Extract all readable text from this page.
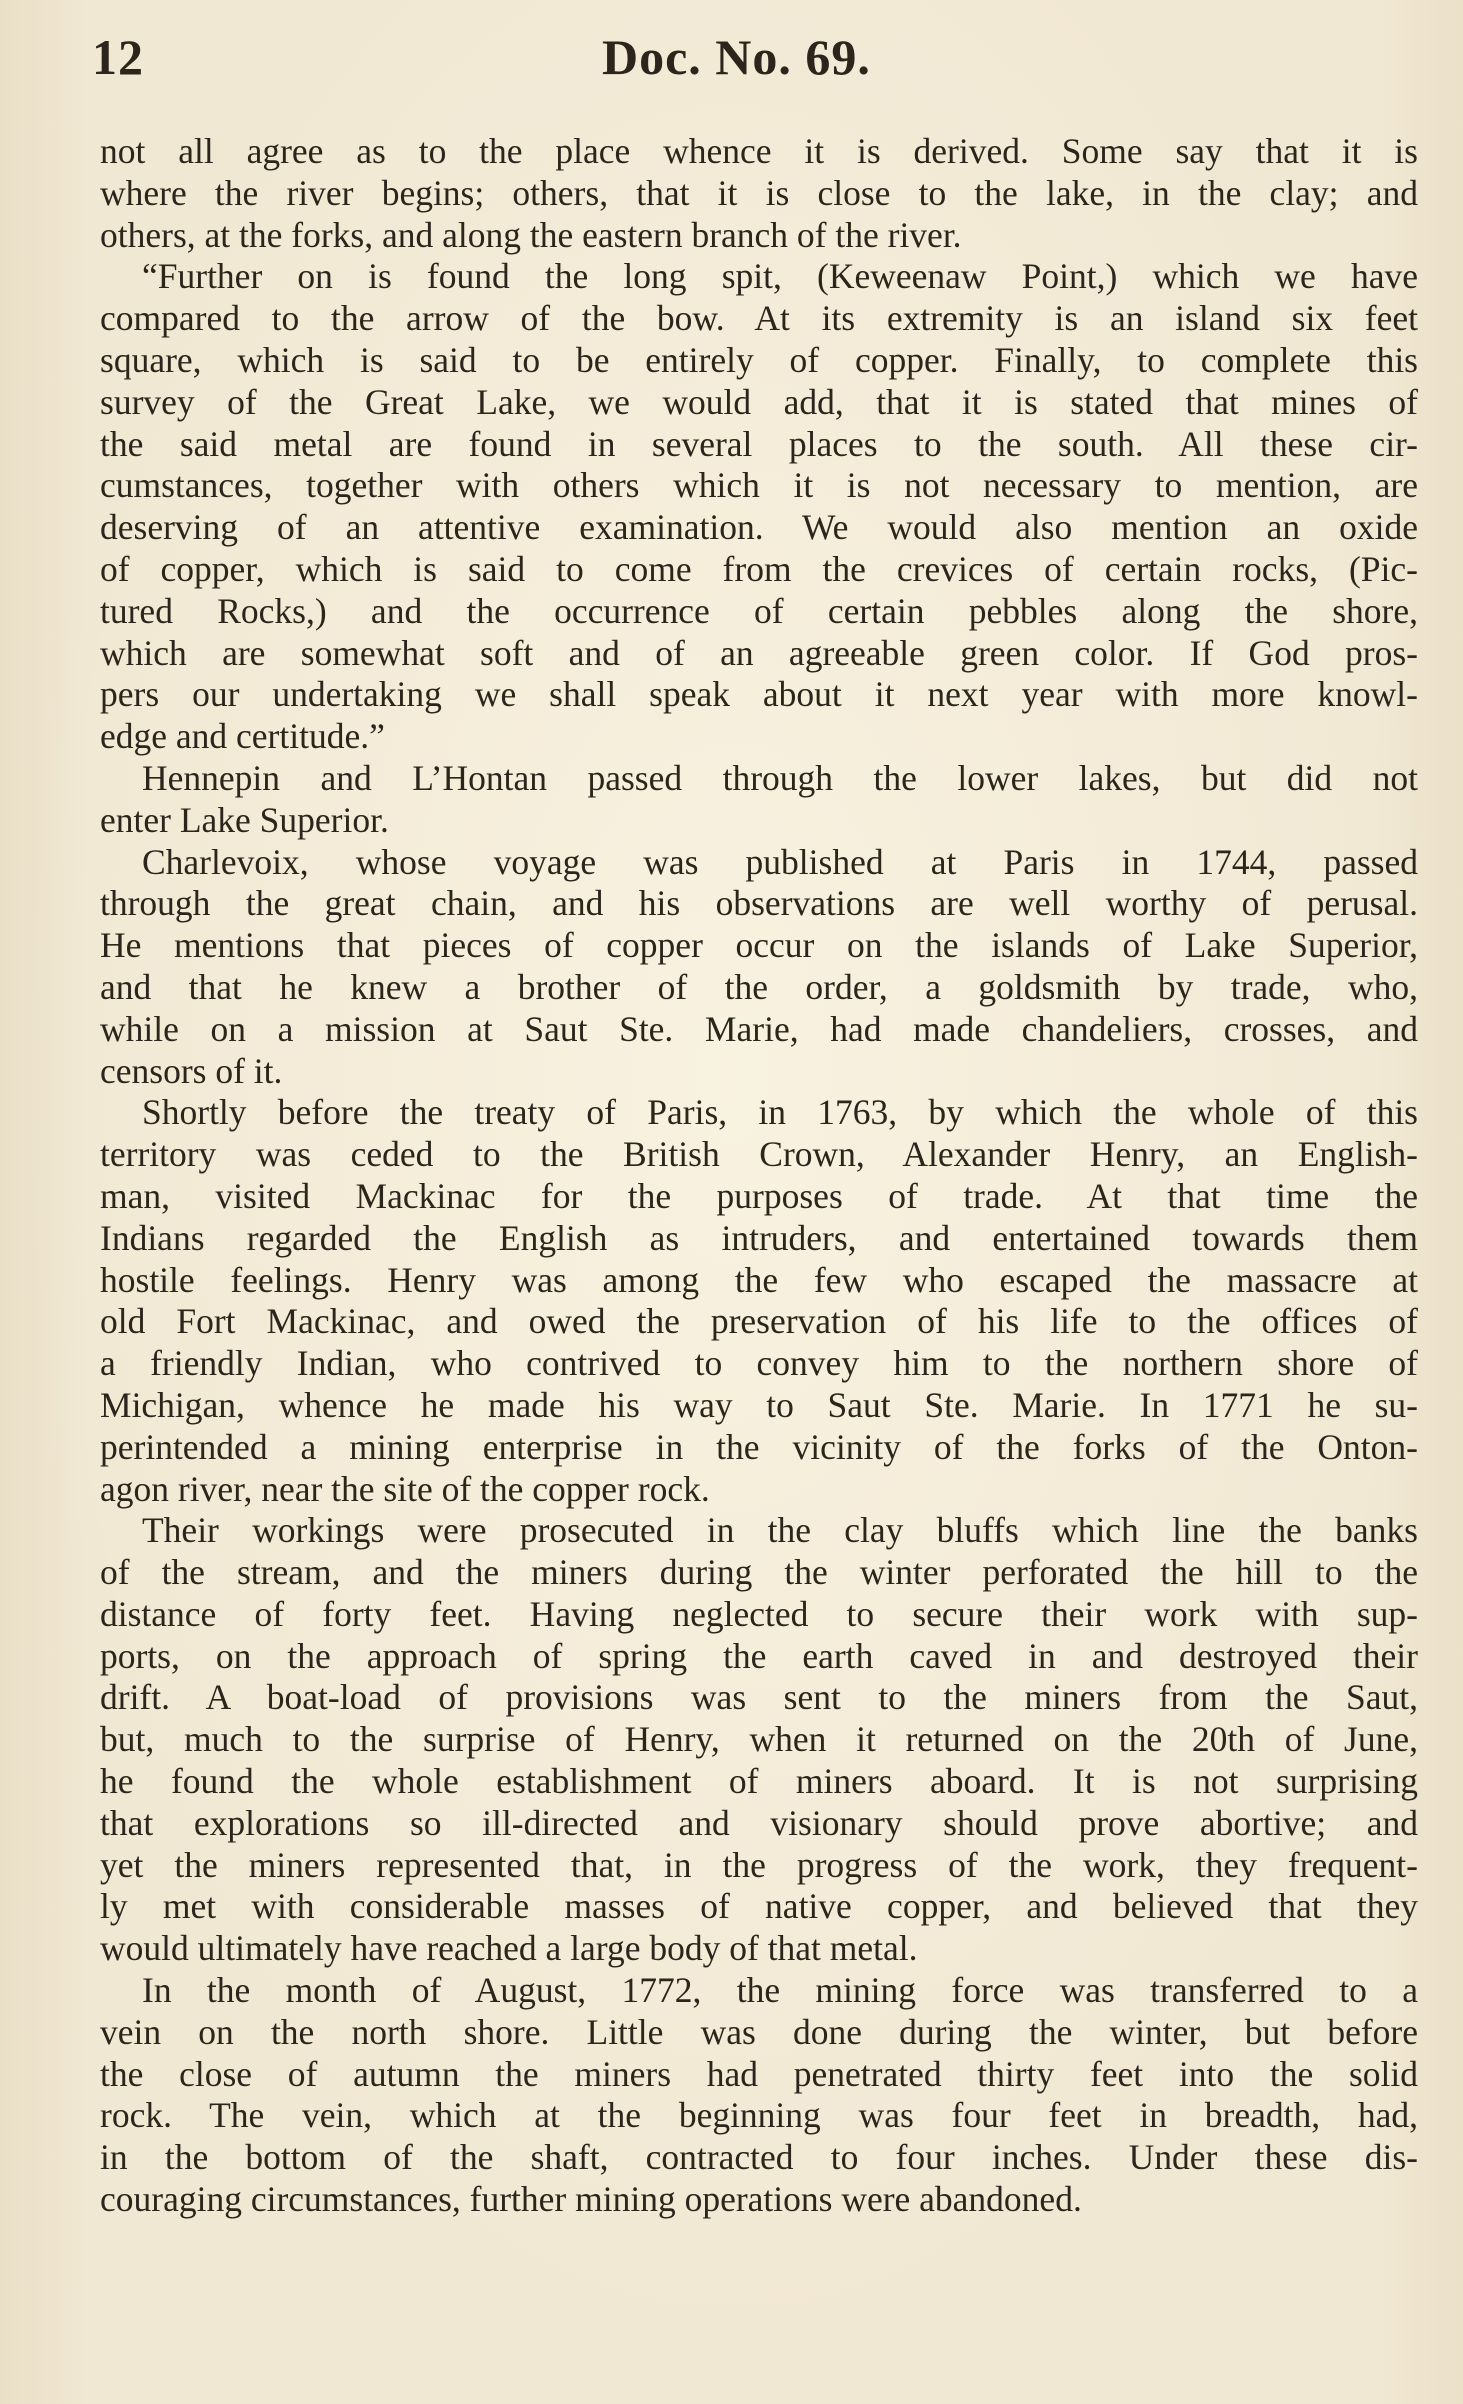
12	Doc. No. 69.
not all agree as to the place whence it is derived. Some say that it is
where the river begins; others, that it is close to the lake, in the clay; and
others, at the forks, and along the eastern branch of the river.
“Further on is found the long spit, (Keweenaw Point,) which we have
compared to the arrow of the bow. At its extremity is an island six feet
square, which is said to be entirely of copper. Finally, to complete this
survey of the Great Lake, we would add, that it is stated that mines of
the said metal are found in several places to the south. All these cir-
cumstances, together with others which it is not necessary to mention, are
deserving of an attentive examination. We would also mention an oxide
of copper, which is said to come from the crevices of certain rocks, (Pic-
tured Rocks,) and the occurrence of certain pebbles along the shore,
which are somewhat soft and of an agreeable green color. If God pros-
pers our undertaking we shall speak about it next year with more knowl-
edge and certitude.”
Hennepin and L’Hontan passed through the lower lakes, but did not
enter Lake Superior.
Charlevoix, whose voyage was published at Paris in 1744, passed
through the great chain, and his observations are well worthy of perusal.
He mentions that pieces of copper occur on the islands of Lake Superior,
and that he knew a brother of the order, a goldsmith by trade, who,
while on a mission at Saut Ste. Marie, had made chandeliers, crosses, and
censors of it.
Shortly before the treaty of Paris, in 1763, by which the whole of this
territory was ceded to the British Crown, Alexander Henry, an English-
man, visited Mackinac for the purposes of trade. At that time the
Indians regarded the English as intruders, and entertained towards them
hostile feelings. Henry was among the few who escaped the massacre at
old Fort Mackinac, and owed the preservation of his life to the offices of
a friendly Indian, who contrived to convey him to the northern shore of
Michigan, whence he made his way to Saut Ste. Marie. In 1771 he su-
perintended a mining enterprise in the vicinity of the forks of the Onton-
agon river, near the site of the copper rock.
Their workings were prosecuted in the clay bluffs which line the banks
of the stream, and the miners during the winter perforated the hill to the
distance of forty feet. Having neglected to secure their work with sup-
ports, on the approach of spring the earth caved in and destroyed their
drift. A boat-load of provisions was sent to the miners from the Saut,
but, much to the surprise of Henry, when it returned on the 20th of June,
he found the whole establishment of miners aboard. It is not surprising
that explorations so ill-directed and visionary should prove abortive; and
yet the miners represented that, in the progress of the work, they frequent-
ly met with considerable masses of native copper, and believed that they
would ultimately have reached a large body of that metal.
In the month of August, 1772, the mining force was transferred to a
vein on the north shore. Little was done during the winter, but before
the close of autumn the miners had penetrated thirty feet into the solid
rock. The vein, which at the beginning was four feet in breadth, had,
in the bottom of the shaft, contracted to four inches. Under these dis-
couraging circumstances, further mining operations were abandoned.
